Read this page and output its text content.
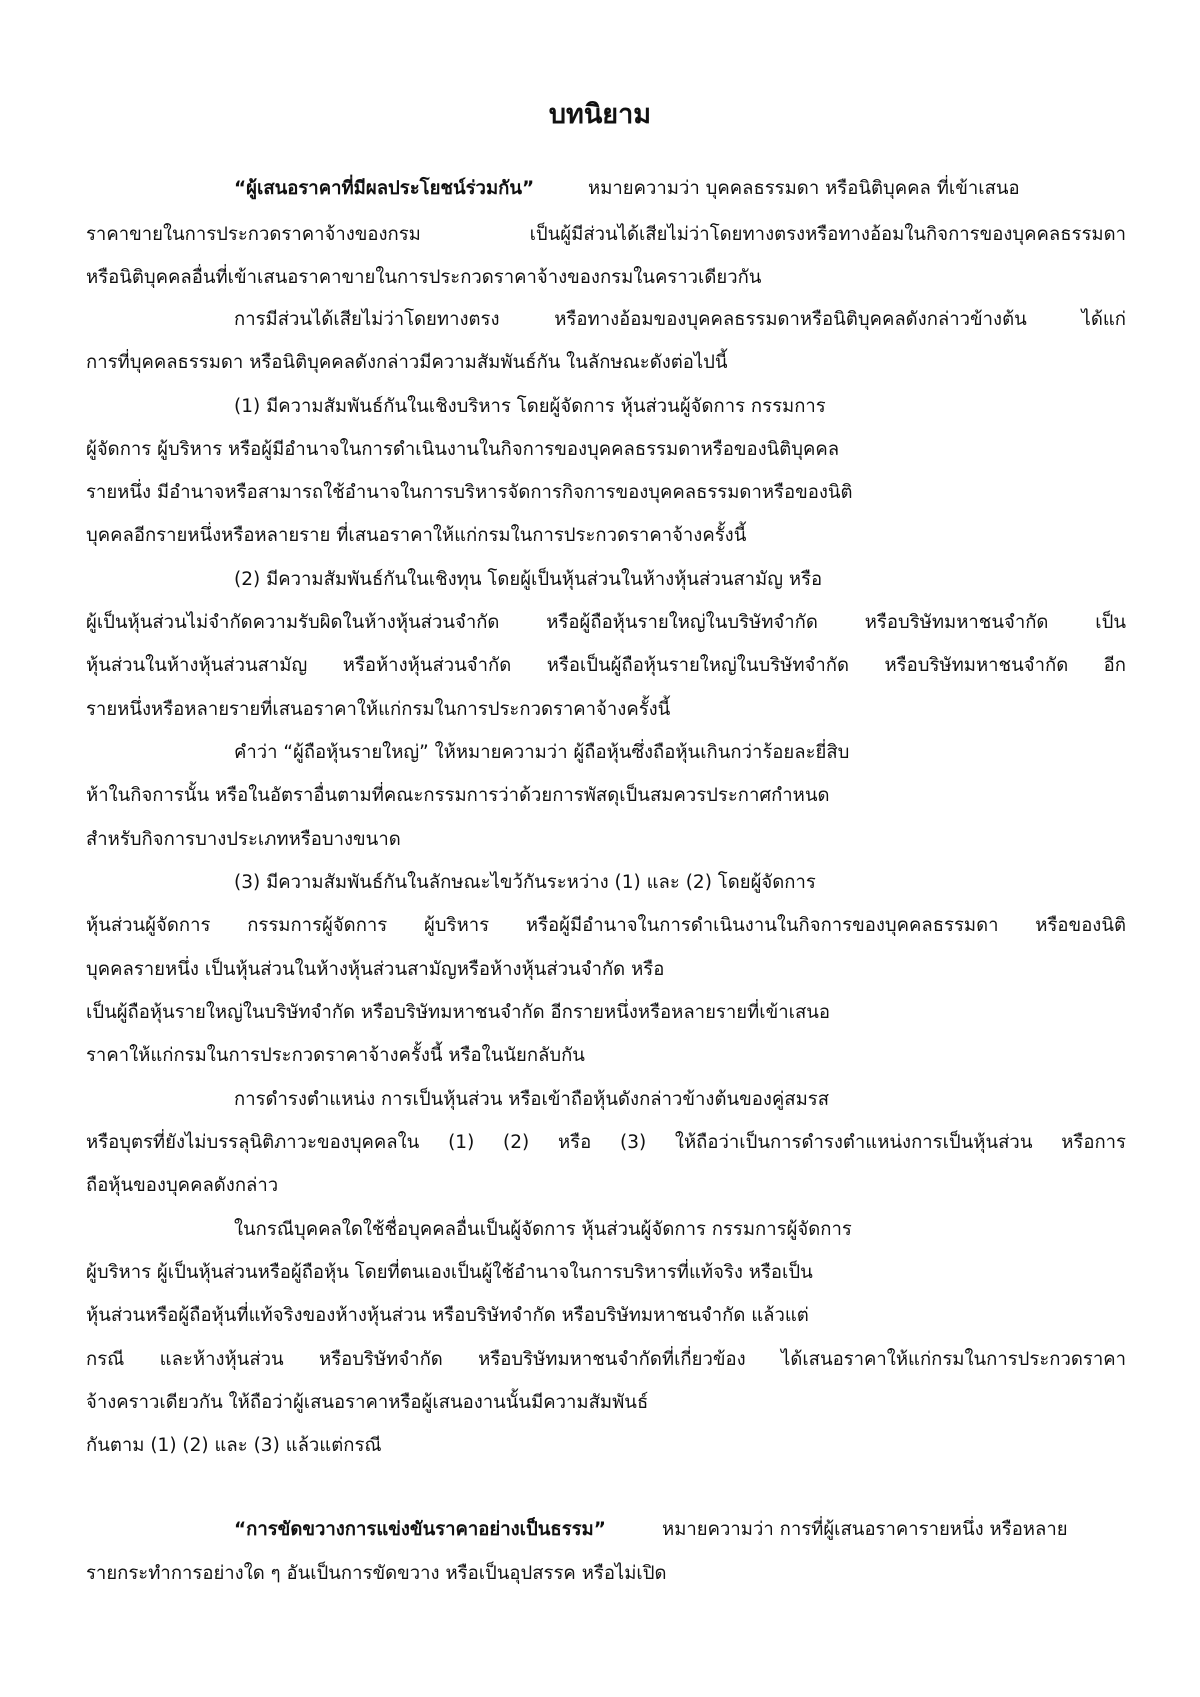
บทนิยาม
“ผู้เสนอราคาที่มีผลประโยชน์ร่วมกัน”	หมายความว่า บุคคลธรรมดา หรือนิติบุคคล ที่เข้าเสนอ
ราคาขายในการประกวดราคาจ้างของกรม เป็นผู้มีส่วนได้เสียไม่ว่าโดยทางตรงหรือทางอ้อมในกิจการของบุคคลธรรมดา
หรือนิติบุคคลอื่นที่เข้าเสนอราคาขายในการประกวดราคาจ้างของกรมในคราวเดียวกัน
การมีส่วนได้เสียไม่ว่าโดยทางตรง หรือทางอ้อมของบุคคลธรรมดาหรือนิติบุคคลดังกล่าวข้างต้น ได้แก่
การที่บุคคลธรรมดา หรือนิติบุคคลดังกล่าวมีความสัมพันธ์กัน ในลักษณะดังต่อไปนี้
(1) มีความสัมพันธ์กันในเชิงบริหาร โดยผู้จัดการ หุ้นส่วนผู้จัดการ กรรมการ
ผู้จัดการ ผู้บริหาร หรือผู้มีอำนาจในการดำเนินงานในกิจการของบุคคลธรรมดาหรือของนิติบุคคล
รายหนึ่ง มีอำนาจหรือสามารถใช้อำนาจในการบริหารจัดการกิจการของบุคคลธรรมดาหรือของนิติ
บุคคลอีกรายหนึ่งหรือหลายราย ที่เสนอราคาให้แก่กรมในการประกวดราคาจ้างครั้งนี้
(2) มีความสัมพันธ์กันในเชิงทุน โดยผู้เป็นหุ้นส่วนในห้างหุ้นส่วนสามัญ หรือ
ผู้เป็นหุ้นส่วนไม่จำกัดความรับผิดในห้างหุ้นส่วนจำกัด หรือผู้ถือหุ้นรายใหญ่ในบริษัทจำกัด หรือบริษัทมหาชนจำกัด เป็น
หุ้นส่วนในห้างหุ้นส่วนสามัญ หรือห้างหุ้นส่วนจำกัด หรือเป็นผู้ถือหุ้นรายใหญ่ในบริษัทจำกัด หรือบริษัทมหาชนจำกัด อีก
รายหนึ่งหรือหลายรายที่เสนอราคาให้แก่กรมในการประกวดราคาจ้างครั้งนี้
คำว่า “ผู้ถือหุ้นรายใหญ่” ให้หมายความว่า ผู้ถือหุ้นซึ่งถือหุ้นเกินกว่าร้อยละยี่สิบ
ห้าในกิจการนั้น หรือในอัตราอื่นตามที่คณะกรรมการว่าด้วยการพัสดุเป็นสมควรประกาศกำหนด
สำหรับกิจการบางประเภทหรือบางขนาด
(3) มีความสัมพันธ์กันในลักษณะไขว้กันระหว่าง (1) และ (2) โดยผู้จัดการ
หุ้นส่วนผู้จัดการ กรรมการผู้จัดการ ผู้บริหาร หรือผู้มีอำนาจในการดำเนินงานในกิจการของบุคคลธรรมดา หรือของนิติ
บุคคลรายหนึ่ง เป็นหุ้นส่วนในห้างหุ้นส่วนสามัญหรือห้างหุ้นส่วนจำกัด หรือ
เป็นผู้ถือหุ้นรายใหญ่ในบริษัทจำกัด หรือบริษัทมหาชนจำกัด อีกรายหนึ่งหรือหลายรายที่เข้าเสนอ
ราคาให้แก่กรมในการประกวดราคาจ้างครั้งนี้ หรือในนัยกลับกัน
การดำรงตำแหน่ง การเป็นหุ้นส่วน หรือเข้าถือหุ้นดังกล่าวข้างต้นของคู่สมรส
หรือบุตรที่ยังไม่บรรลุนิติภาวะของบุคคลใน (1) (2) หรือ (3) ให้ถือว่าเป็นการดำรงตำแหน่งการเป็นหุ้นส่วน หรือการ
ถือหุ้นของบุคคลดังกล่าว
ในกรณีบุคคลใดใช้ชื่อบุคคลอื่นเป็นผู้จัดการ หุ้นส่วนผู้จัดการ กรรมการผู้จัดการ
ผู้บริหาร ผู้เป็นหุ้นส่วนหรือผู้ถือหุ้น โดยที่ตนเองเป็นผู้ใช้อำนาจในการบริหารที่แท้จริง หรือเป็น
หุ้นส่วนหรือผู้ถือหุ้นที่แท้จริงของห้างหุ้นส่วน หรือบริษัทจำกัด หรือบริษัทมหาชนจำกัด แล้วแต่
กรณี และห้างหุ้นส่วน หรือบริษัทจำกัด หรือบริษัทมหาชนจำกัดที่เกี่ยวข้อง ได้เสนอราคาให้แก่กรมในการประกวดราคา
จ้างคราวเดียวกัน ให้ถือว่าผู้เสนอราคาหรือผู้เสนองานนั้นมีความสัมพันธ์
กันตาม (1) (2) และ (3) แล้วแต่กรณี
“การขัดขวางการแข่งขันราคาอย่างเป็นธรรม”	หมายความว่า การที่ผู้เสนอราคารายหนึ่ง หรือหลาย
รายกระทำการอย่างใด ๆ อันเป็นการขัดขวาง หรือเป็นอุปสรรค หรือไม่เปิด
